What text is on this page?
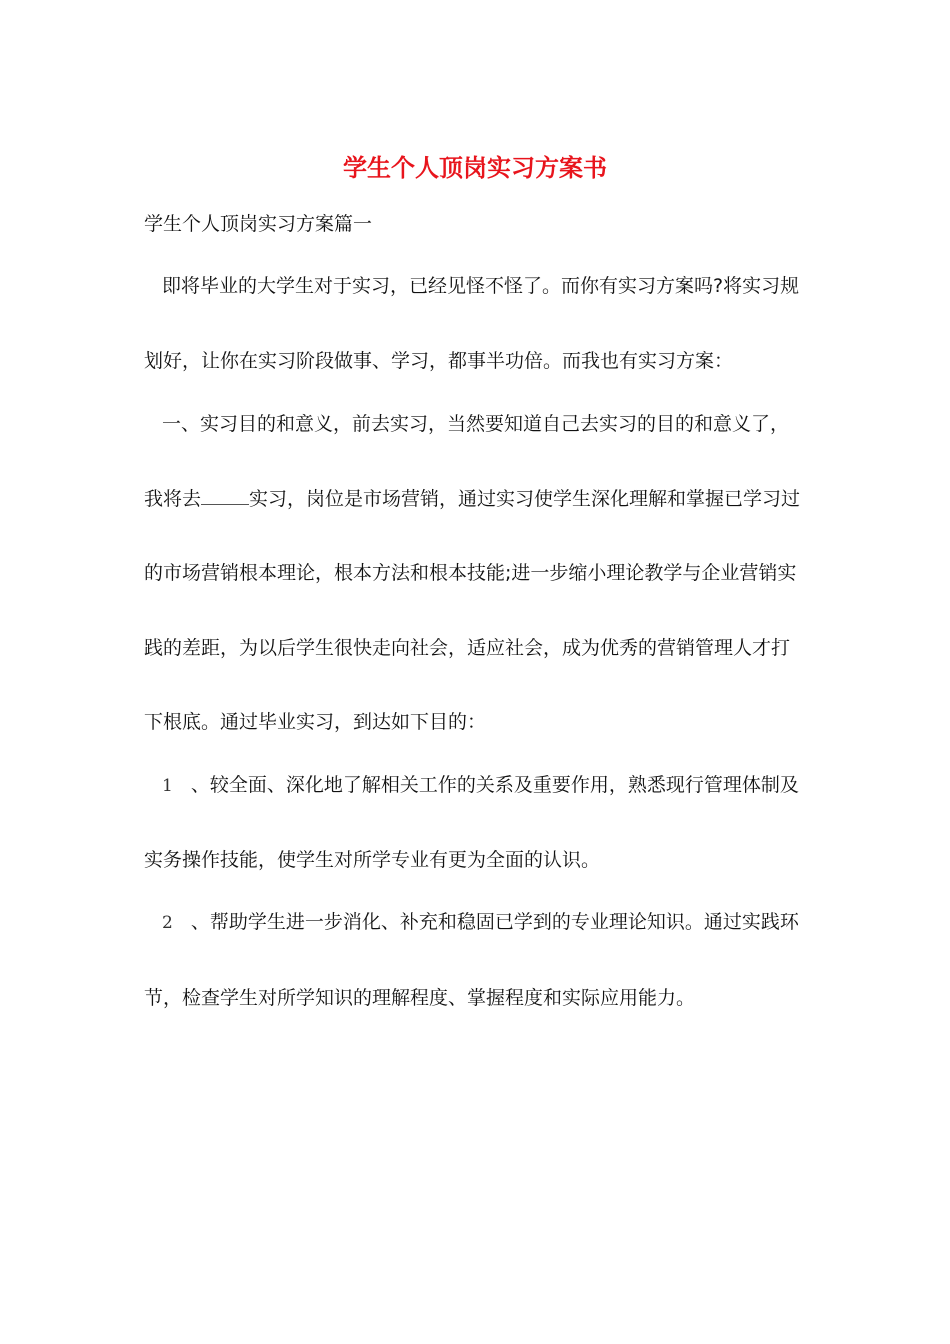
学生个人顶岗实习方案书
学生个人顶岗实习方案篇一
即将毕业的大学生对于实习，已经见怪不怪了。而你有实习方案吗?将实习规
划好，让你在实习阶段做事、学习，都事半功倍。而我也有实习方案：
一、实习目的和意义，前去实习，当然要知道自己去实习的目的和意义了，
我将去	实习，岗位是市场营销，通过实习使学生深化理解和掌握已学习过
的市场营销根本理论，根本方法和根本技能;进一步缩小理论教学与企业营销实
践的差距，为以后学生很快走向社会，适应社会，成为优秀的营销管理人才打
下根底。通过毕业实习，到达如下目的：
1 、较全面、深化地了解相关工作的关系及重要作用，熟悉现行管理体制及
实务操作技能，使学生对所学专业有更为全面的认识。
2 、帮助学生进一步消化、补充和稳固已学到的专业理论知识。通过实践环
节，检查学生对所学知识的理解程度、掌握程度和实际应用能力。
